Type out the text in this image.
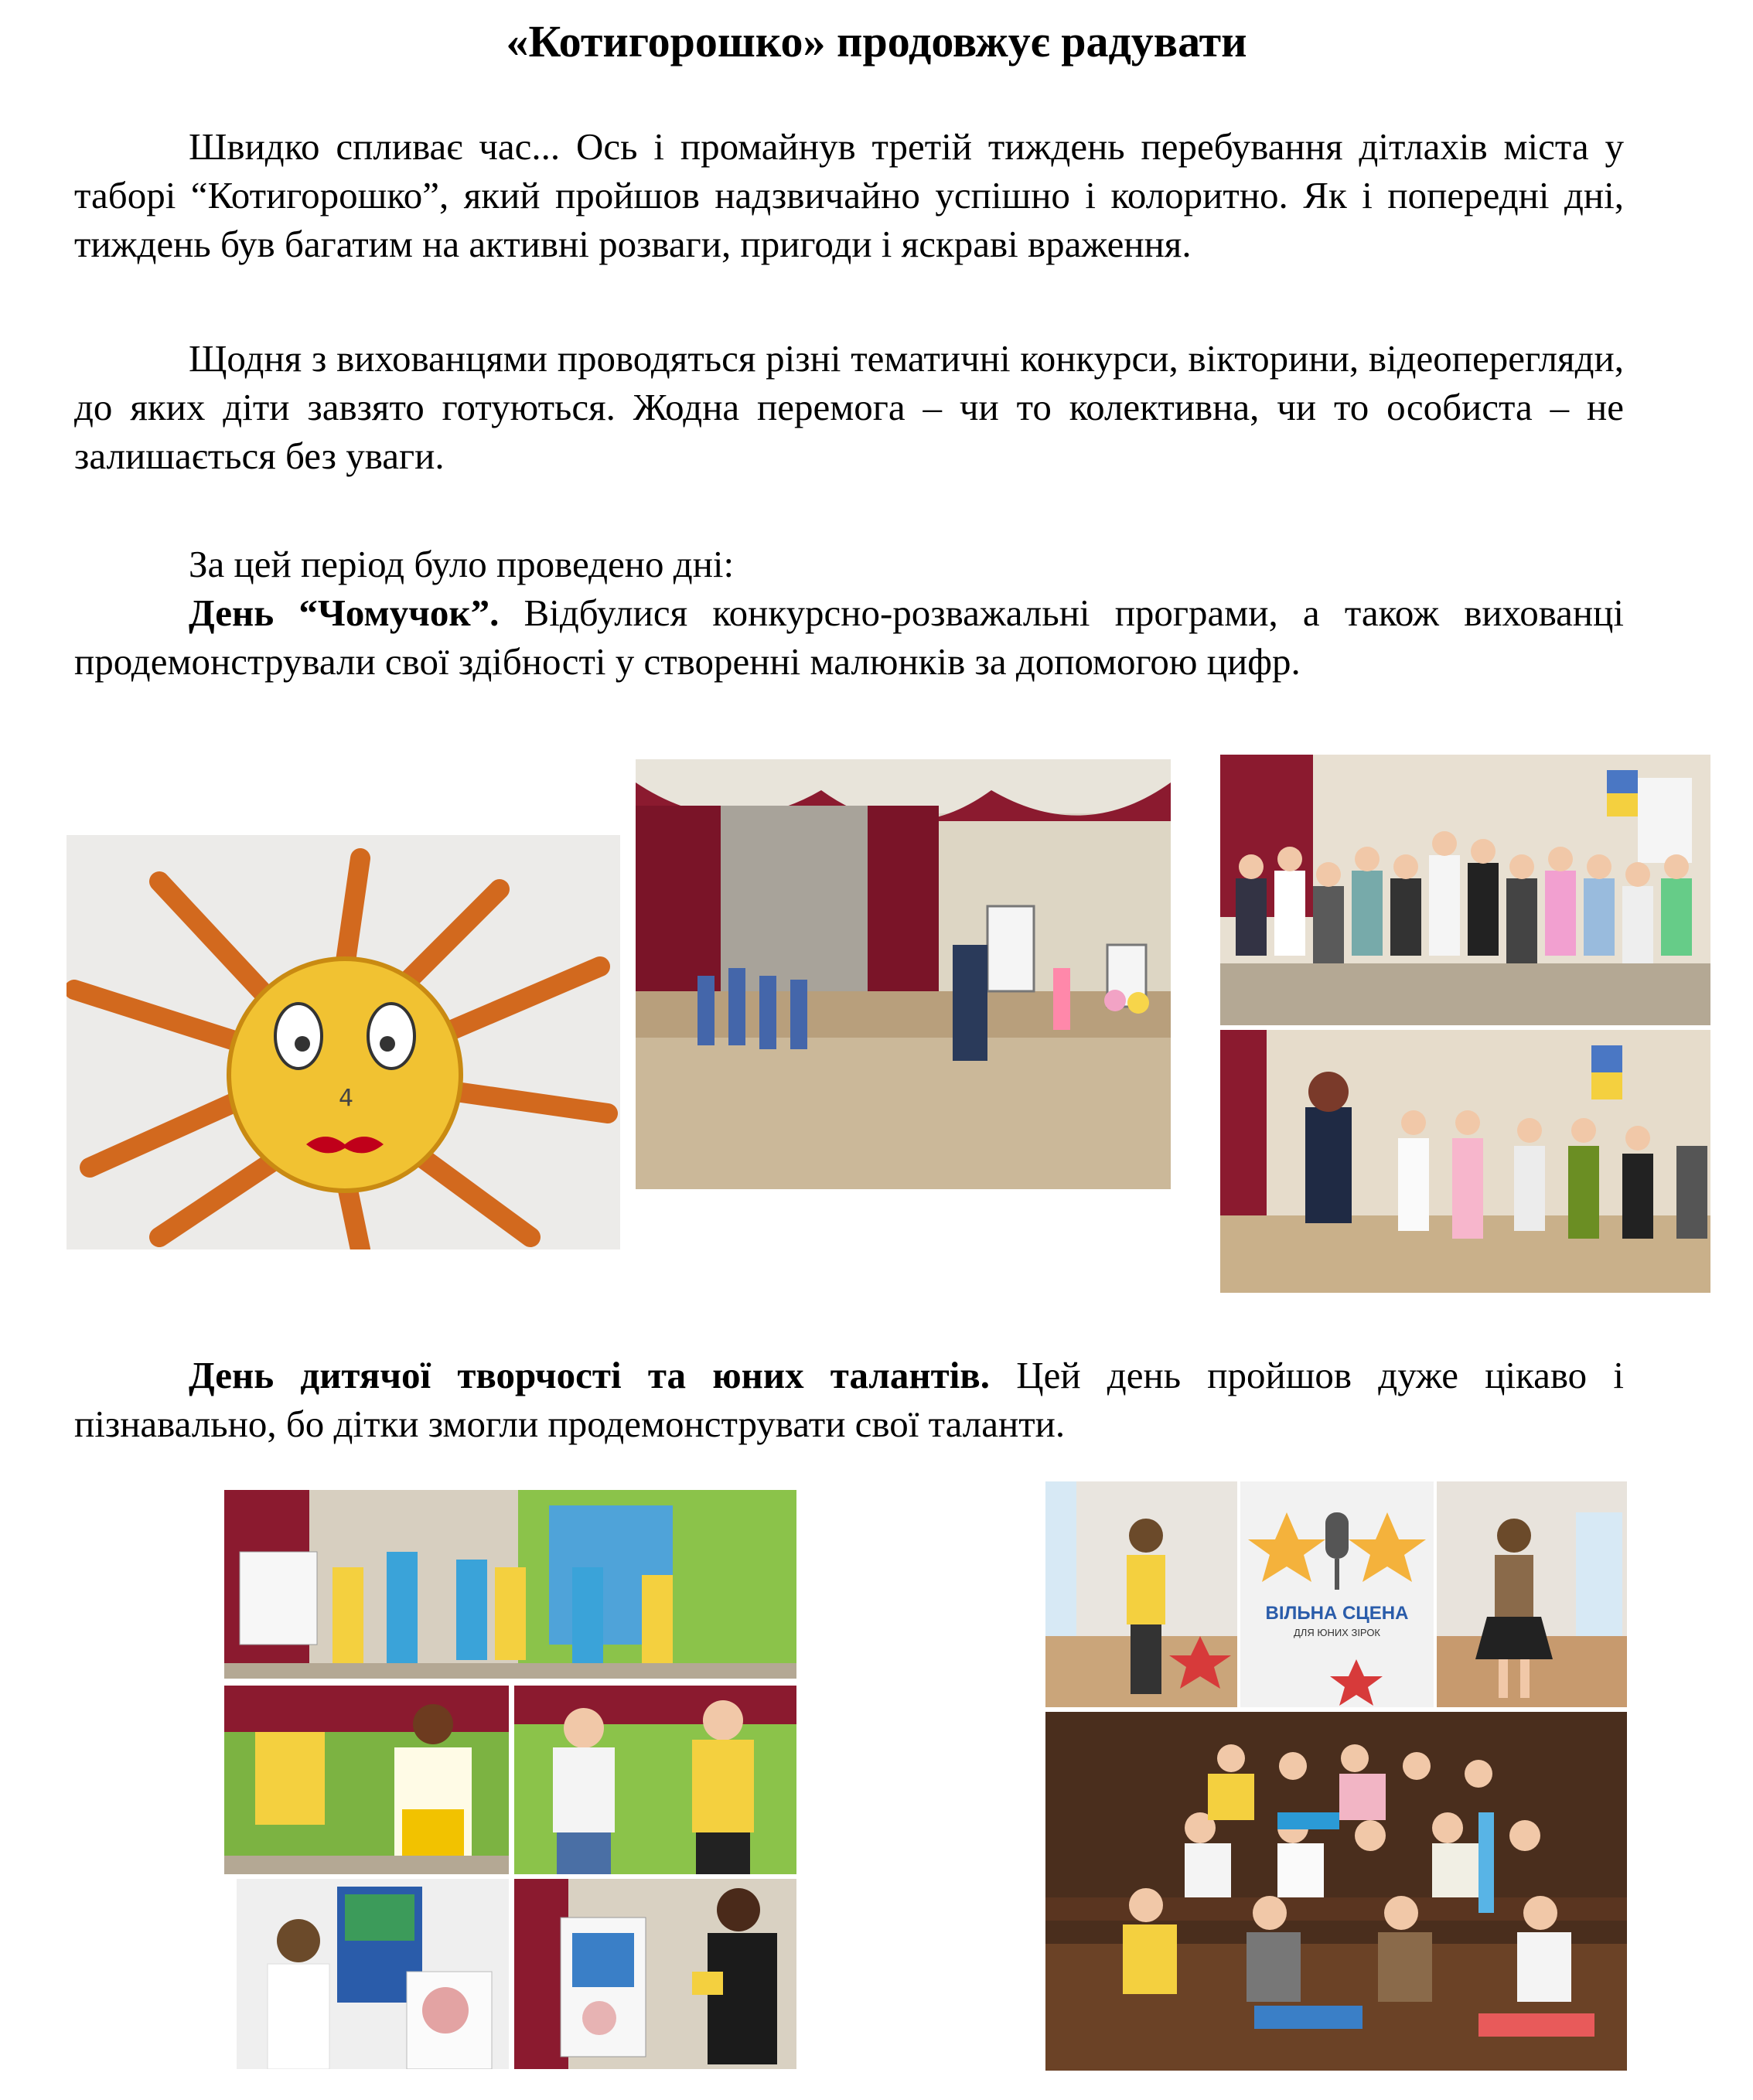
«Котигорошко» продовжує радувати
Швидко спливає час... Ось і промайнув третій тиждень перебування дітлахів міста у таборі “Котигорошко”, який пройшов надзвичайно успішно і колоритно. Як і попередні дні, тиждень був багатим на активні розваги, пригоди і яскраві враження.
Щодня з вихованцями проводяться різні тематичні конкурси, вікторини, відеоперегляди, до яких діти завзято готуються. Жодна перемога – чи то колективна, чи то особиста – не залишається без уваги.
За цей період було проведено дні:
День “Чомучок”. Відбулися конкурсно-розважальні програми, а також вихованці продемонстрували свої здібності у створенні малюнків за допомогою цифр.
День дитячої творчості та юних талантів. Цей день пройшов дуже цікаво і пізнавально, бо дітки змогли продемонструвати свої таланти.
4
ВІЛЬНА СЦЕНА
ДЛЯ ЮНИХ ЗІРОК
